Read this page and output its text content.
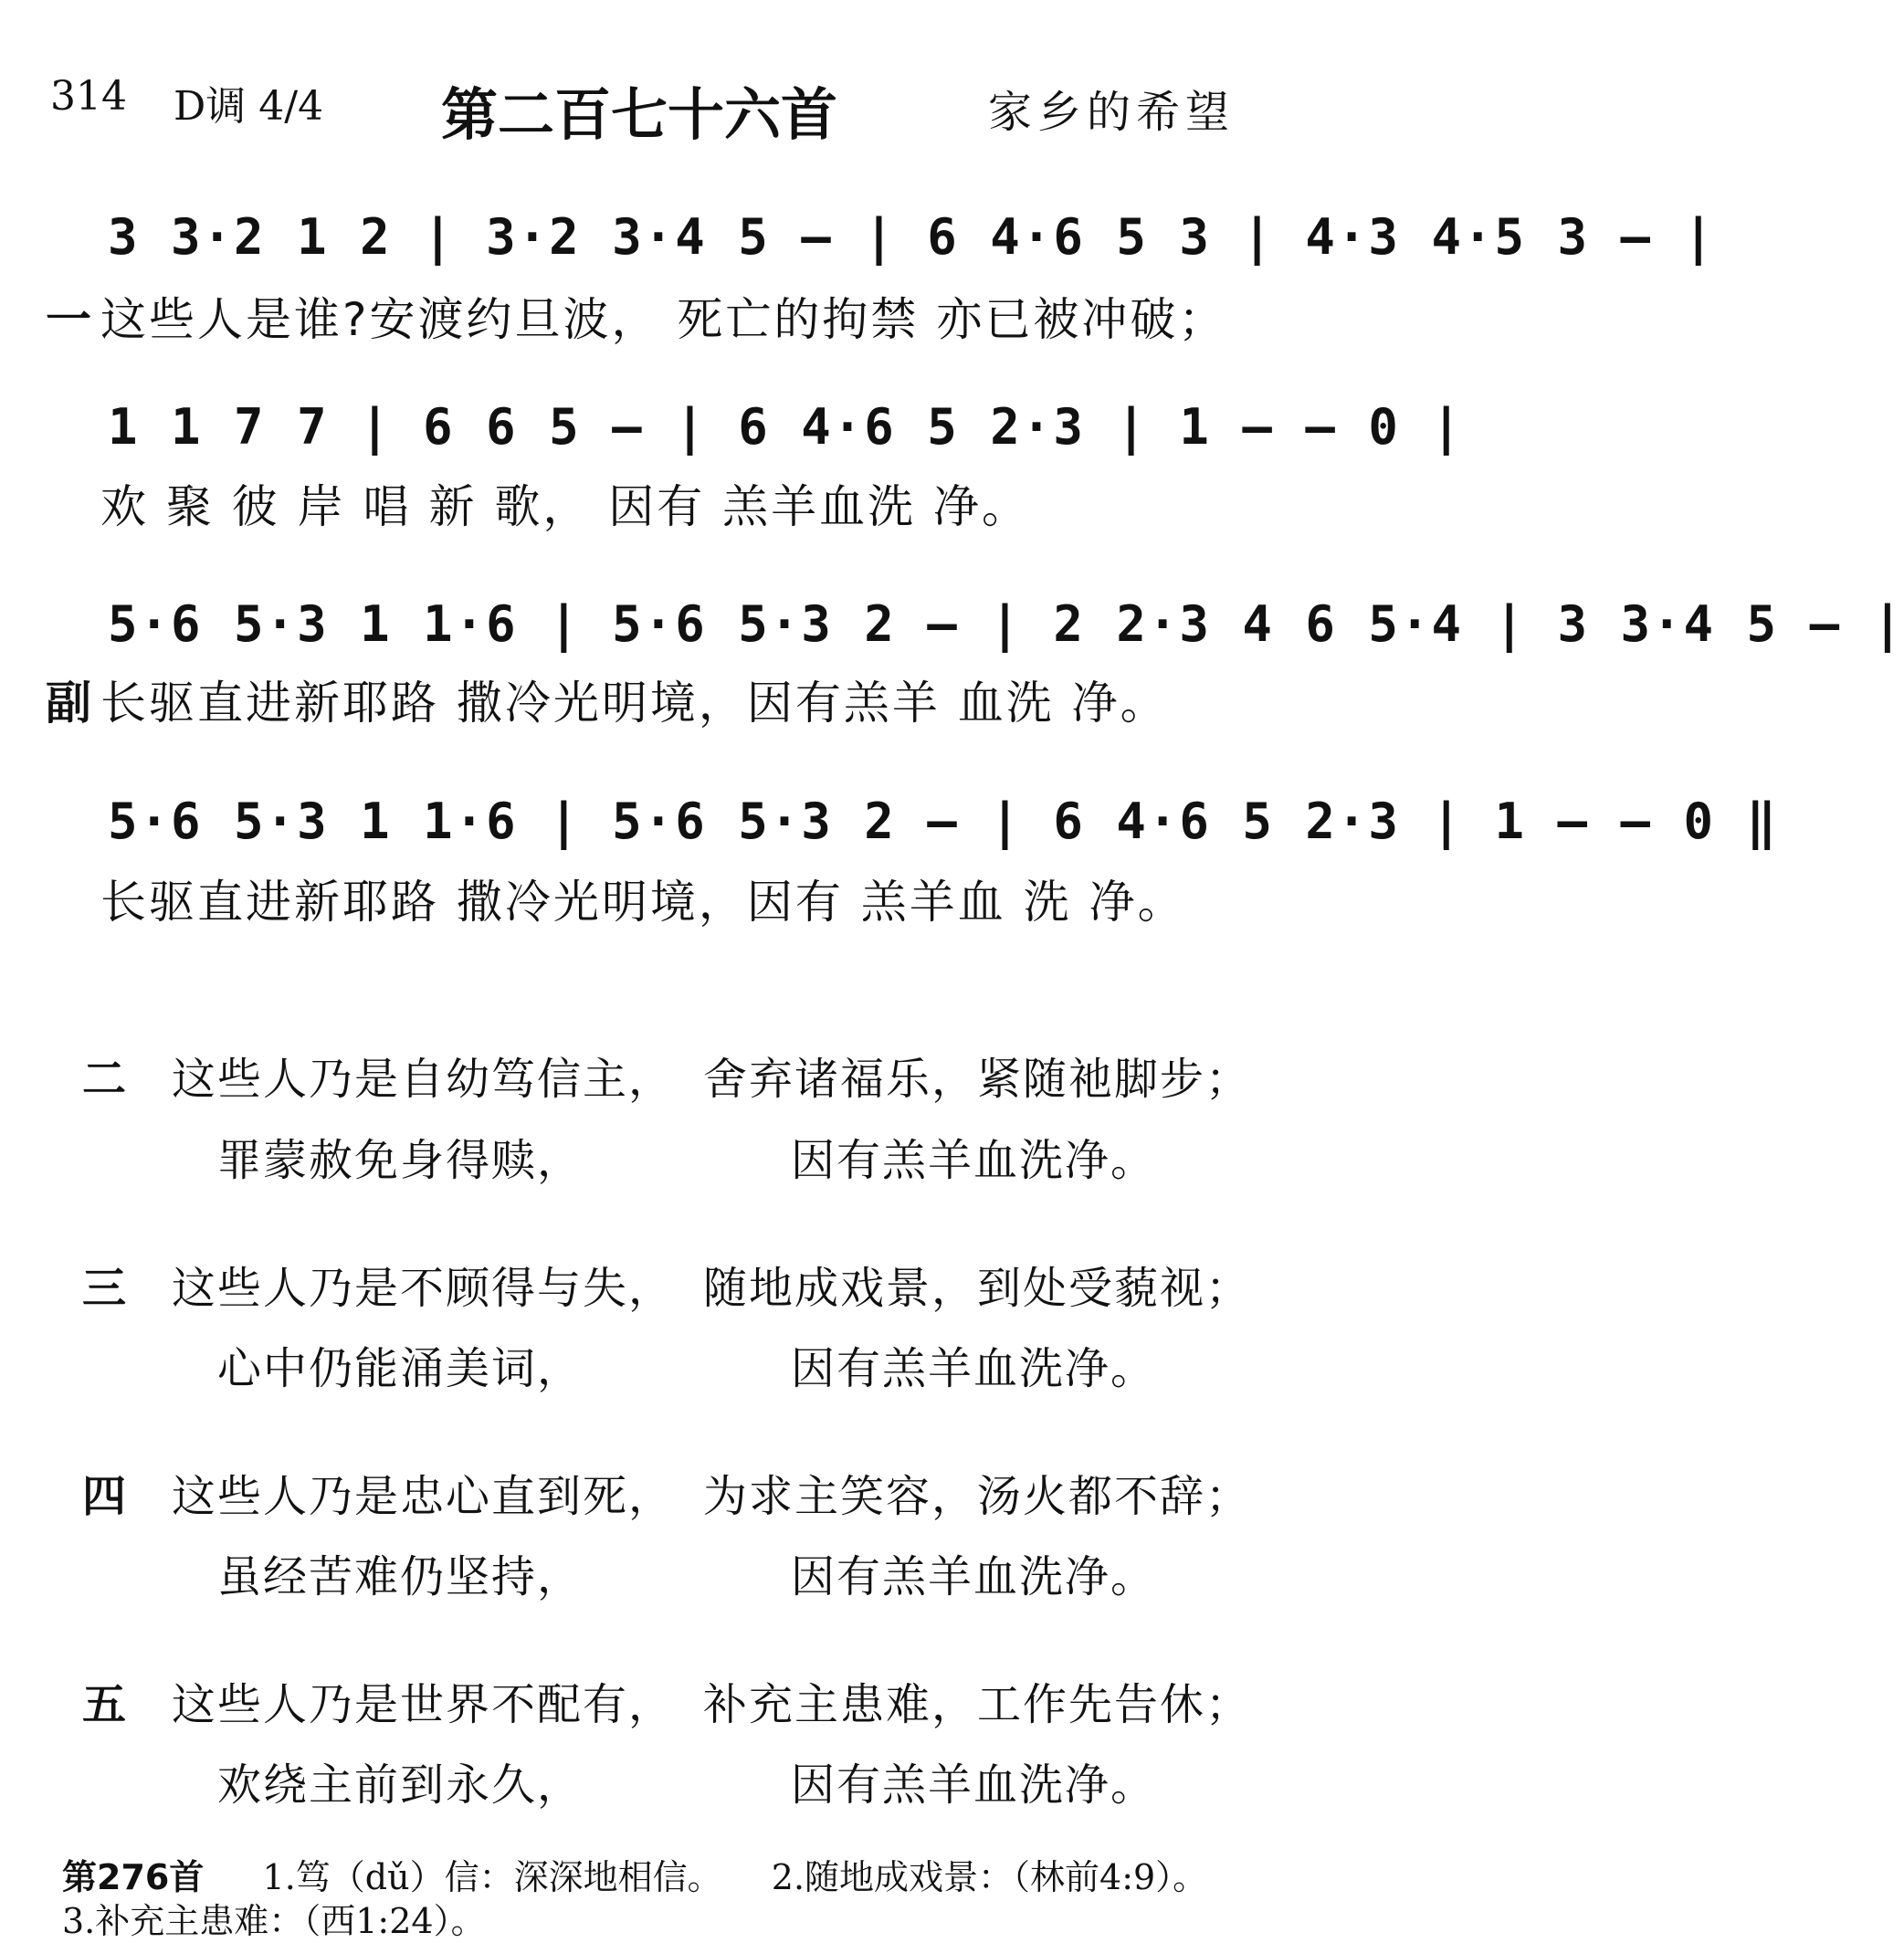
314 D调 4/4	第二百七十六首	家乡的希望
3 3·2 1 2 | 3·2 3·4 5 – | 6 4·6 5 3 | 4·3 4·5 3 – |
一 这些人是谁?安渡约旦波， 死亡的拘禁 亦已被冲破；
1 1 7 7 | 6 6 5 – | 6 4·6 5 2·3 | 1 – – 0 |
欢 聚 彼 岸 唱 新 歌， 因有 羔羊血洗 净。
5·6 5·3 1 1·6 | 5·6 5·3 2 – | 2 2·3 4 6 5·4 | 3 3·4 5 – |
副 长驱直进新耶路 撒冷光明境，因有羔羊 血洗 净。
5·6 5·3 1 1·6 | 5·6 5·3 2 – | 6 4·6 5 2·3 | 1 – – 0 ‖
长驱直进新耶路 撒冷光明境，因有 羔羊血 洗 净。
二 这些人乃是自幼笃信主， 舍弃诸福乐，紧随祂脚步；
罪蒙赦免身得赎，	因有羔羊血洗净。
三 这些人乃是不顾得与失， 随地成戏景，到处受藐视；
心中仍能涌美词，	因有羔羊血洗净。
四 这些人乃是忠心直到死， 为求主笑容，汤火都不辞；
虽经苦难仍坚持，	因有羔羊血洗净。
五 这些人乃是世界不配有， 补充主患难，工作先告休；
欢绕主前到永久，	因有羔羊血洗净。
第276首 1.笃（dǔ）信：深深地相信。 2.随地成戏景：（林前4:9）。
3.补充主患难：（西1:24）。
